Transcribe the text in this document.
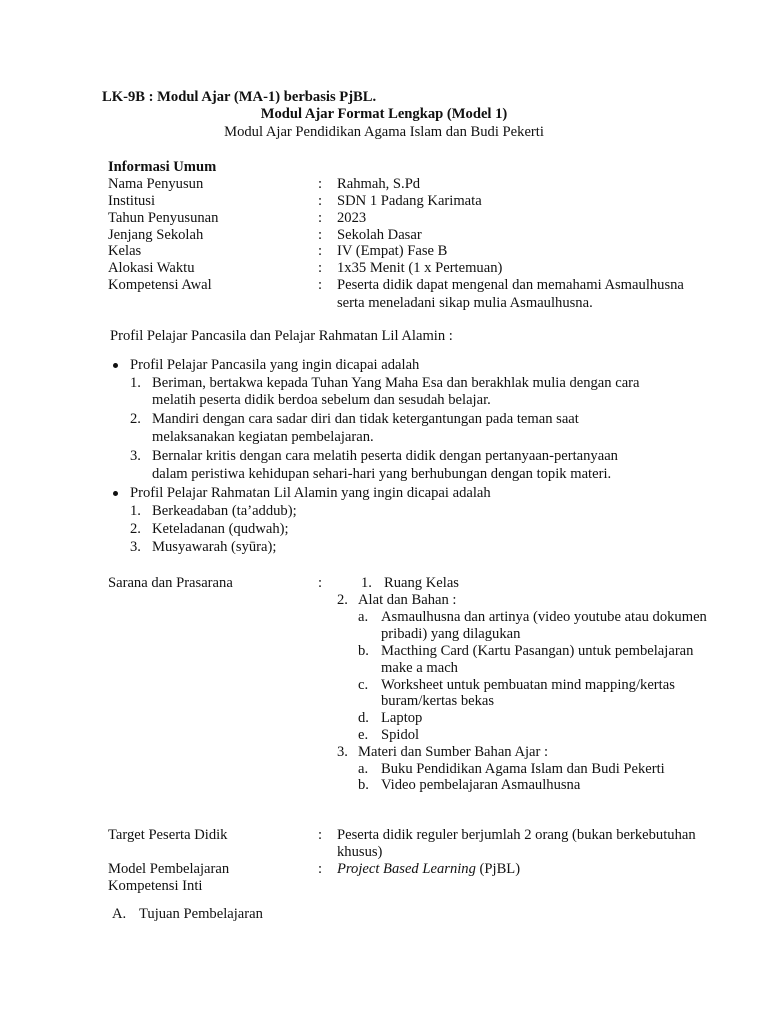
LK-9B : Modul Ajar (MA-1) berbasis PjBL.
Modul Ajar Format Lengkap (Model 1)
Modul Ajar Pendidikan Agama Islam dan Budi Pekerti
Informasi Umum
Nama Penyusun	: Rahmah, S.Pd
Institusi	: SDN 1 Padang Karimata
Tahun Penyusunan	: 2023
Jenjang Sekolah	: Sekolah Dasar
Kelas	: IV (Empat) Fase B
Alokasi Waktu	: 1x35 Menit (1 x Pertemuan)
Kompetensi Awal	: Peserta didik dapat mengenal dan memahami Asmaulhusna
serta meneladani sikap mulia Asmaulhusna.
Profil Pelajar Pancasila dan Pelajar Rahmatan Lil Alamin :
Profil Pelajar Pancasila yang ingin dicapai adalah
1. Beriman, bertakwa kepada Tuhan Yang Maha Esa dan berakhlak mulia dengan cara
melatih peserta didik berdoa sebelum dan sesudah belajar.
2. Mandiri dengan cara sadar diri dan tidak ketergantungan pada teman saat
melaksanakan kegiatan pembelajaran.
3. Bernalar kritis dengan cara melatih peserta didik dengan pertanyaan-pertanyaan
dalam peristiwa kehidupan sehari-hari yang berhubungan dengan topik materi.
Profil Pelajar Rahmatan Lil Alamin yang ingin dicapai adalah
1. Berkeadaban (ta’addub);
2. Keteladanan (qudwah);
3. Musyawarah (syūra);
Sarana dan Prasarana	:	1. Ruang Kelas
2. Alat dan Bahan :
a. Asmaulhusna dan artinya (video youtube atau dokumen
pribadi) yang dilagukan
b. Macthing Card (Kartu Pasangan) untuk pembelajaran
make a mach
c. Worksheet untuk pembuatan mind mapping/kertas
buram/kertas bekas
d. Laptop
e. Spidol
3. Materi dan Sumber Bahan Ajar :
a. Buku Pendidikan Agama Islam dan Budi Pekerti
b. Video pembelajaran Asmaulhusna
Target Peserta Didik	: Peserta didik reguler berjumlah 2 orang (bukan berkebutuhan
khusus)
Model Pembelajaran	: Project Based Learning (PjBL)
Kompetensi Inti
A. Tujuan Pembelajaran
